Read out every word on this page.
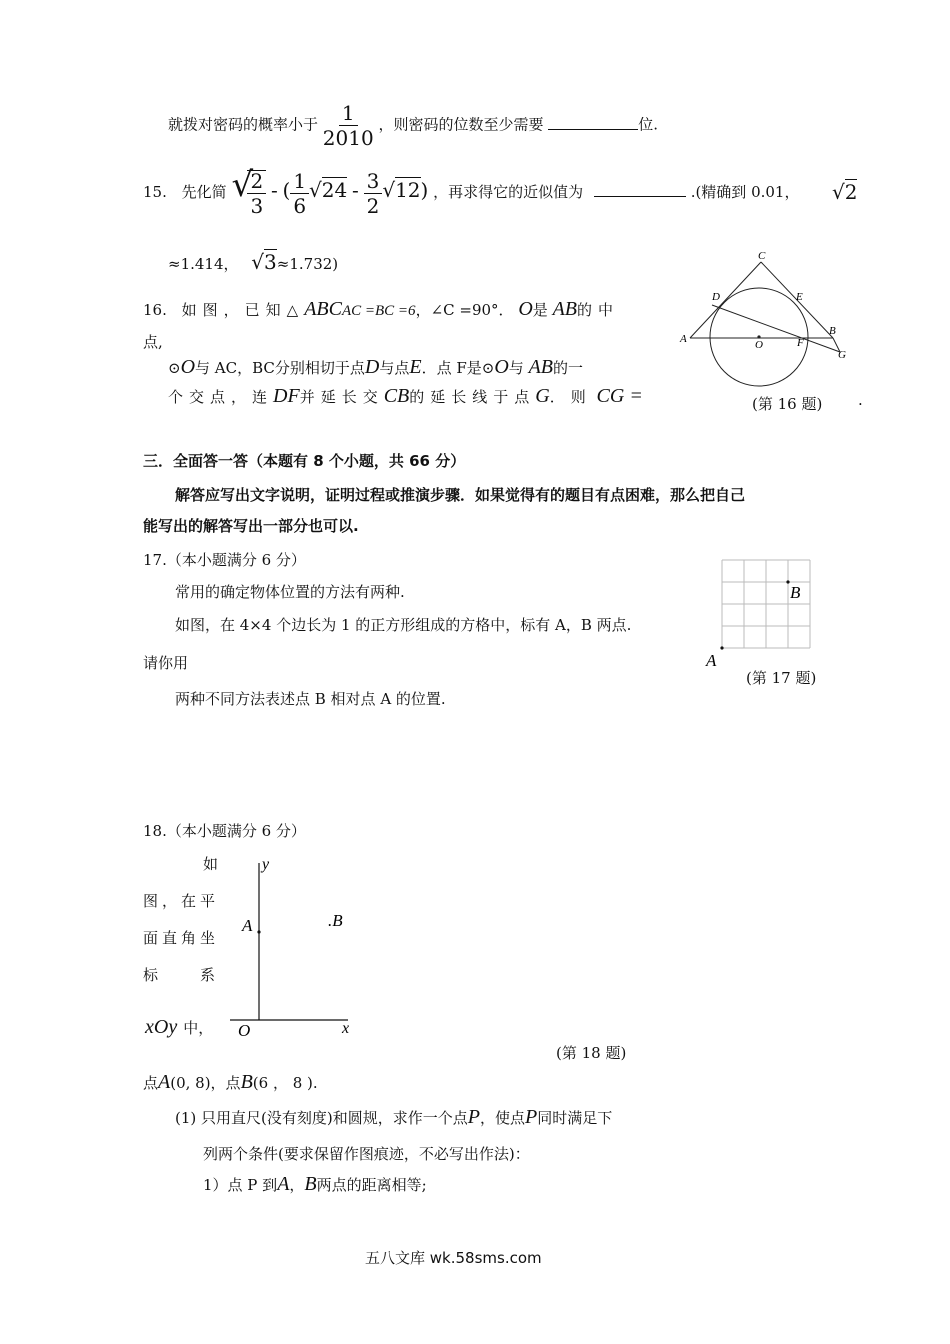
就拨对密码的概率小于 $\frac{1}{2010}$ ，则密码的位数至少需要	位.
15. 先化简 √
$\frac{2}{3}$ - ( $\frac{1}{6} √24 - \frac{3}{2} √12$) ，再求得它的近似值为	.(精确到 0.01， √2
≈1.414， √3≈1.732)
16. 如图，已知△ABCAC =BC =6，∠C =90°． O是 AB的中
点,
⊙O与 AC，BC分别相切于点D与点E．点 F是⊙O与 AB的一
个交点，连DF并延长交CB的延长线于点G．则 CG =
C
D	E
A	O	F
B
G
(第 16 题) .
三．全面答一答（本题有 8 个小题，共 66 分）
解答应写出文字说明，证明过程或推演步骤．如果觉得有的题目有点困难，那么把自己
能写出的解答写出一部分也可以.
17.（本小题满分 6 分）
常用的确定物体位置的方法有两种.
如图，在 4×4 个边长为 1 的正方形组成的方格中，标有 A，B 两点.
请你用
两种不同方法表述点 B 相对点 A 的位置.
B
A
(第 17 题)
18.（本小题满分 6 分）
如
图，在平
面直角坐
标　　系
xOy 中，
y
x
O
A	.B
(第 18 题)
点A(0, 8)，点B(6 ， 8 ).
(1) 只用直尺(没有刻度)和圆规，求作一个点P，使点P同时满足下
列两个条件(要求保留作图痕迹，不必写出作法)：
1）点 P 到A，B两点的距离相等;
五八文库 wk.58sms.com
